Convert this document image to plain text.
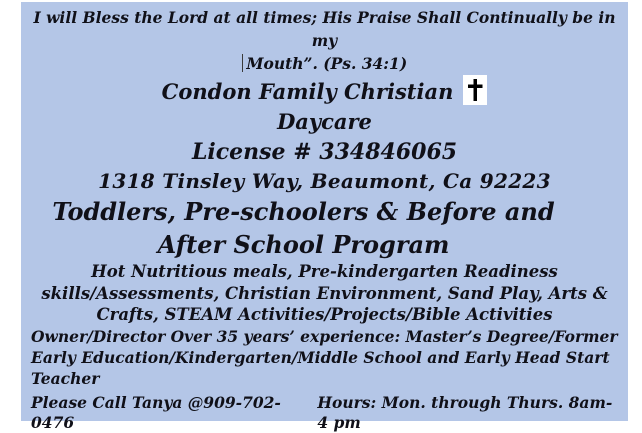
I will Bless the Lord at all times; His Praise Shall Continually be in my
Mouth”. (Ps. 34:1)

Condon Family Christian

Daycare

License # 334846065

1318 Tinsley Way, Beaumont, Ca 92223

Toddlers, Pre-schoolers & Before and After School Program

Hot Nutritious meals, Pre-kindergarten Readiness skills/Assessments, Christian Environment, Sand Play, Arts & Crafts, STEAM Activities/Projects/Bible Activities

Owner/Director Over 35 years’ experience: Master’s Degree/Former Early Education/Kindergarten/Middle School and Early Head Start Teacher

Please Call Tanya @909-702-0476
Hours: Mon. through Thurs. 8am-4 pm
